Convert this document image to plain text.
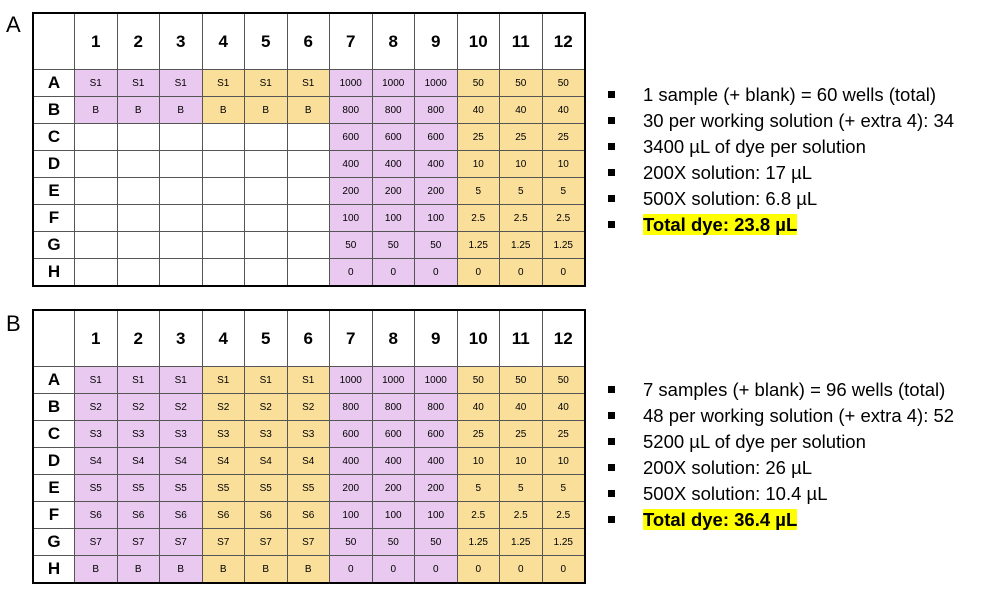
A
	1	2	3	4	5	6	7	8	9	10	11	12
A	S1	S1	S1	S1	S1	S1	1000	1000	1000	50	50	50
B	B	B	B	B	B	B	800	800	800	40	40	40
C							600	600	600	25	25	25
D							400	400	400	10	10	10
E							200	200	200	5	5	5
F							100	100	100	2.5	2.5	2.5
G							50	50	50	1.25	1.25	1.25
H							0	0	0	0	0	0
1 sample (+ blank) = 60 wells (total)
30 per working solution (+ extra 4): 34
3400 µL of dye per solution
200X solution: 17 µL
500X solution: 6.8 µL
Total dye: 23.8 µL
B
	1	2	3	4	5	6	7	8	9	10	11	12
A	S1	S1	S1	S1	S1	S1	1000	1000	1000	50	50	50
B	S2	S2	S2	S2	S2	S2	800	800	800	40	40	40
C	S3	S3	S3	S3	S3	S3	600	600	600	25	25	25
D	S4	S4	S4	S4	S4	S4	400	400	400	10	10	10
E	S5	S5	S5	S5	S5	S5	200	200	200	5	5	5
F	S6	S6	S6	S6	S6	S6	100	100	100	2.5	2.5	2.5
G	S7	S7	S7	S7	S7	S7	50	50	50	1.25	1.25	1.25
H	B	B	B	B	B	B	0	0	0	0	0	0
7 samples (+ blank) = 96 wells (total)
48 per working solution (+ extra 4): 52
5200 µL of dye per solution
200X solution: 26 µL
500X solution: 10.4 µL
Total dye: 36.4 µL
